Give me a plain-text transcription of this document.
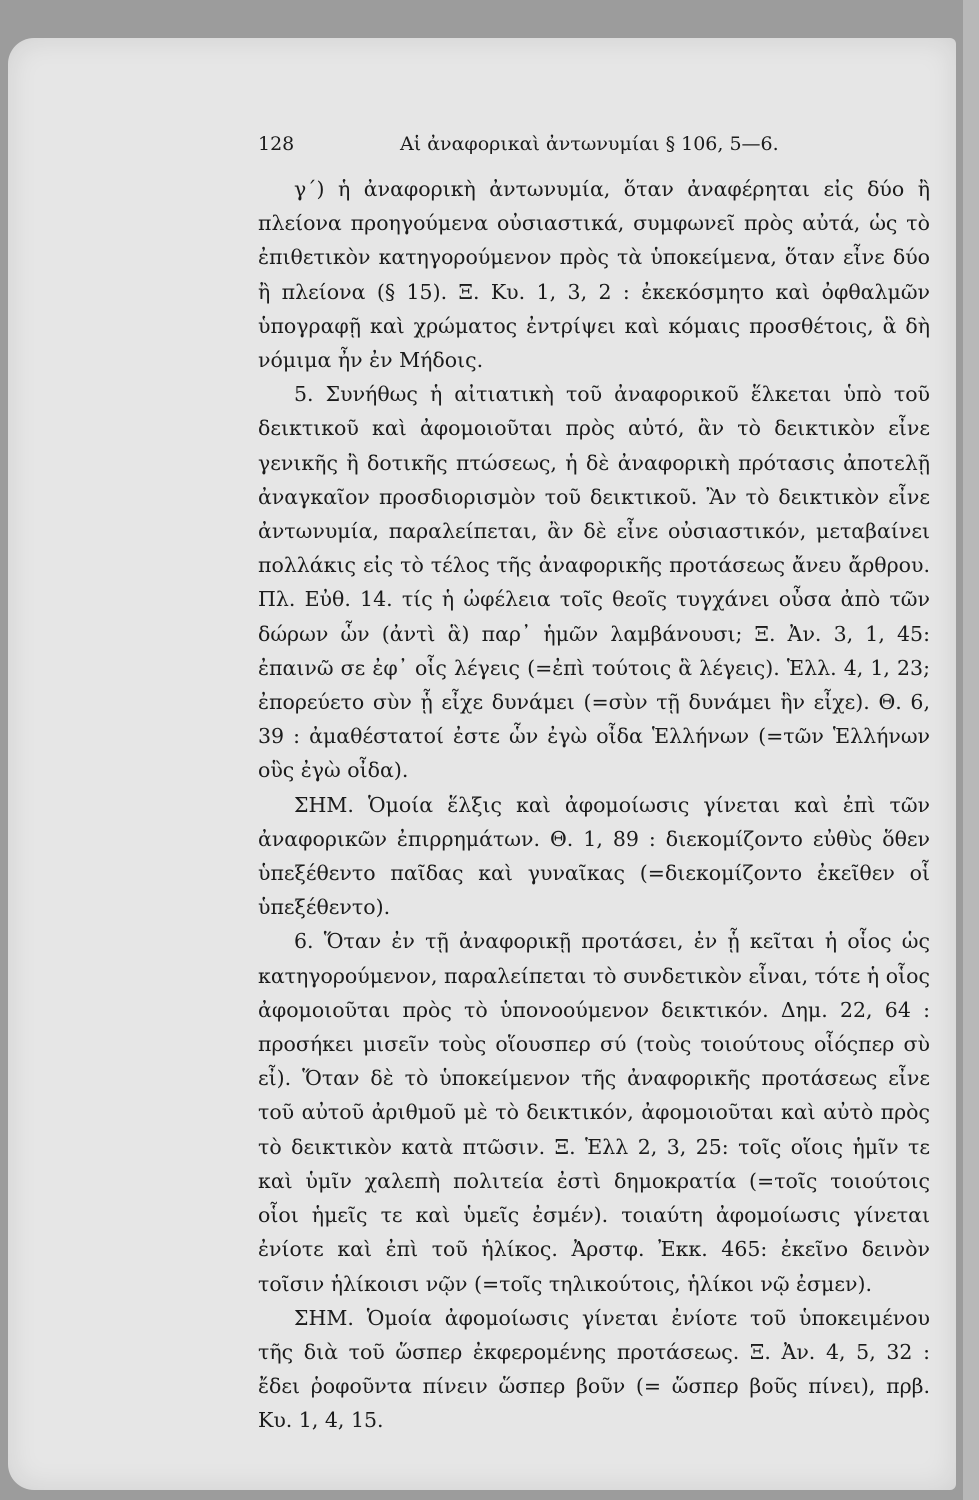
128	Αἱ ἀναφορικαὶ ἀντωνυμίαι § 106, 5—6.

γ΄) ἡ ἀναφορικὴ ἀντωνυμία, ὅταν ἀναφέρηται εἰς δύο ἢ πλείονα προηγούμενα οὐσιαστικά, συμφωνεῖ πρὸς αὐτά, ὡς τὸ ἐπιθετικὸν κατηγορούμενον πρὸς τὰ ὑποκείμενα, ὅταν εἶνε δύο ἢ πλείονα (§ 15). Ξ. Κυ. 1, 3, 2 : ἐκεκόσμητο καὶ ὀφθαλμῶν ὑπογραφῇ καὶ χρώματος ἐντρίψει καὶ κόμαις προσθέτοις, ἃ δὴ νόμιμα ἦν ἐν Μήδοις.

5. Συνήθως ἡ αἰτιατικὴ τοῦ ἀναφορικοῦ ἕλκεται ὑπὸ τοῦ δεικτικοῦ καὶ ἀφομοιοῦται πρὸς αὐτό, ἂν τὸ δεικτικὸν εἶνε γενικῆς ἢ δοτικῆς πτώσεως, ἡ δὲ ἀναφορικὴ πρότασις ἀποτελῇ ἀναγκαῖον προσδιορισμὸν τοῦ δεικτικοῦ. Ἂν τὸ δεικτικὸν εἶνε ἀντωνυμία, παραλείπεται, ἂν δὲ εἶνε οὐσιαστικόν, μεταβαίνει πολλάκις εἰς τὸ τέλος τῆς ἀναφορικῆς προτάσεως ἄνευ ἄρθρου. Πλ. Εὐθ. 14. τίς ἡ ὠφέλεια τοῖς θεοῖς τυγχάνει οὖσα ἀπὸ τῶν δώρων ὧν (ἀντὶ ἃ) παρ᾽ ἡμῶν λαμβάνουσι; Ξ. Ἀν. 3, 1, 45: ἐπαινῶ σε ἐφ᾽ οἷς λέγεις (=ἐπὶ τούτοις ἃ λέγεις). Ἑλλ. 4, 1, 23; ἐπορεύετο σὺν ᾗ εἶχε δυνάμει (=σὺν τῇ δυνάμει ἣν εἶχε). Θ. 6, 39 : ἀμαθέστατοί ἐστε ὧν ἐγὼ οἶδα Ἑλλήνων (=τῶν Ἑλλήνων οὓς ἐγὼ οἶδα).

ΣΗΜ. Ὁμοία ἕλξις καὶ ἀφομοίωσις γίνεται καὶ ἐπὶ τῶν ἀναφορικῶν ἐπιρρημάτων. Θ. 1, 89 : διεκομίζοντο εὐθὺς ὅθεν ὑπεξέθεντο παῖδας καὶ γυναῖκας (=διεκομίζοντο ἐκεῖθεν οἷ ὑπεξέθεντο).

6. Ὅταν ἐν τῇ ἀναφορικῇ προτάσει, ἐν ᾗ κεῖται ἡ οἷος ὡς κατηγορούμενον, παραλείπεται τὸ συνδετικὸν εἶναι, τότε ἡ οἷος ἀφομοιοῦται πρὸς τὸ ὑπονοούμενον δεικτικόν. Δημ. 22, 64 : προσήκει μισεῖν τοὺς οἵουσπερ σύ (τοὺς τοιούτους οἷόςπερ σὺ εἶ). Ὅταν δὲ τὸ ὑποκείμενον τῆς ἀναφορικῆς προτάσεως εἶνε τοῦ αὐτοῦ ἀριθμοῦ μὲ τὸ δεικτικόν, ἀφομοιοῦται καὶ αὐτὸ πρὸς τὸ δεικτικὸν κατὰ πτῶσιν. Ξ. Ἑλλ 2, 3, 25: τοῖς οἵοις ἡμῖν τε καὶ ὑμῖν χαλεπὴ πολιτεία ἐστὶ δημοκρατία (=τοῖς τοιούτοις οἷοι ἡμεῖς τε καὶ ὑμεῖς ἐσμέν). τοιαύτη ἀφομοίωσις γίνεται ἐνίοτε καὶ ἐπὶ τοῦ ἡλίκος. Ἀρστφ. Ἐκκ. 465: ἐκεῖνο δεινὸν τοῖσιν ἡλίκοισι νῷν (=τοῖς τηλικούτοις, ἡλίκοι νῷ ἐσμεν).

ΣΗΜ. Ὁμοία ἀφομοίωσις γίνεται ἐνίοτε τοῦ ὑποκειμένου τῆς διὰ τοῦ ὥσπερ ἐκφερομένης προτάσεως. Ξ. Ἀν. 4, 5, 32 : ἔδει ῥοφοῦντα πίνειν ὥσπερ βοῦν (= ὥσπερ βοῦς πίνει), πρβ. Κυ. 1, 4, 15.
